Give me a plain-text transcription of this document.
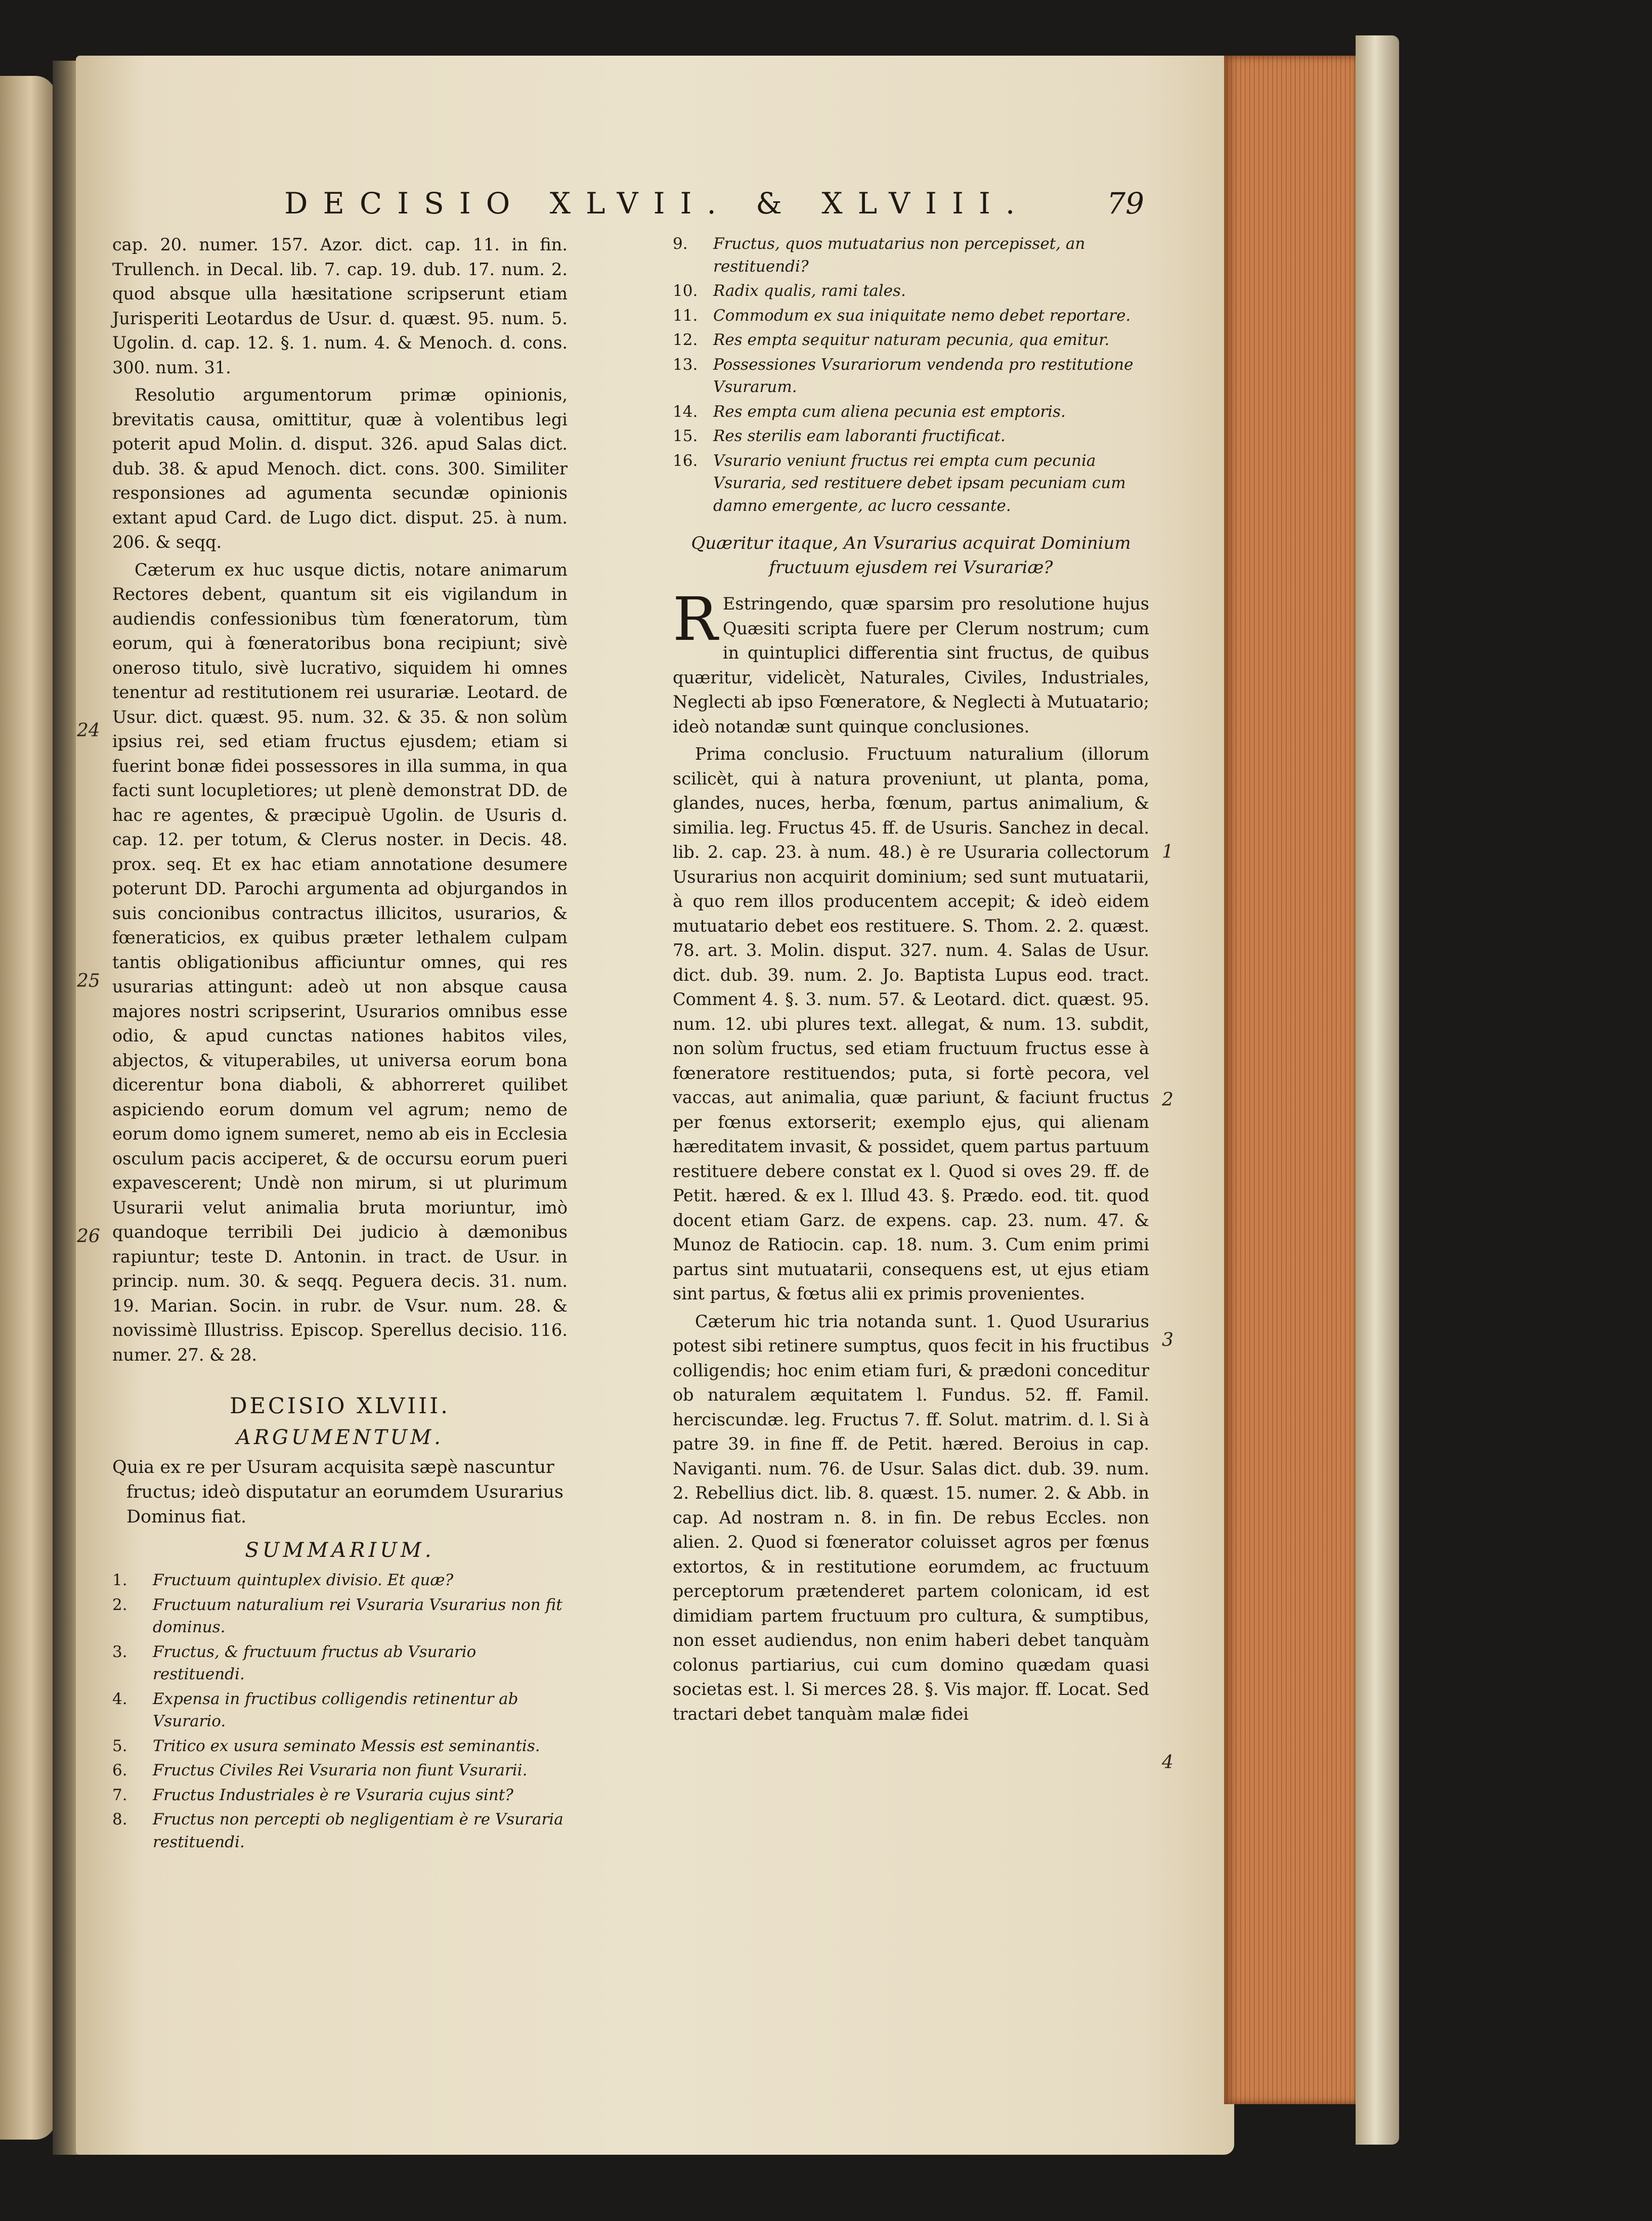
DECISIO XLVII. & XLVIII.	79

cap. 20. numer. 157. Azor. dict. cap. 11. in fin. Trullench. in Decal. lib. 7. cap. 19. dub. 17. num. 2. quod absque ulla hæsitatione scripserunt etiam Jurisperiti Leotardus de Usur. d. quæst. 95. num. 5. Ugolin. d. cap. 12. §. 1. num. 4. & Menoch. d. cons. 300. num. 31.

Resolutio argumentorum primæ opinionis, brevitatis causa, omittitur, quæ à volentibus legi poterit apud Molin. d. disput. 326. apud Salas dict. dub. 38. & apud Menoch. dict. cons. 300. Similiter responsiones ad agumenta secundæ opinionis extant apud Card. de Lugo dict. disput. 25. à num. 206. & seqq.

Cæterum ex huc usque dictis, notare animarum Rectores debent, quantum sit eis vigilandum in audiendis confessionibus tùm fœneratorum, tùm eorum, qui à fœneratoribus bona recipiunt; sivè oneroso titulo, sivè lucrativo, siquidem hi omnes tenentur ad restitutionem rei usurariæ. Leotard. de Usur. dict. quæst. 95. num. 32. & 35. & non solùm ipsius rei, sed etiam fructus ejusdem; etiam si fuerint bonæ fidei possessores in illa summa, in qua facti sunt locupletiores; ut plenè demonstrat DD. de hac re agentes, & præcipuè Ugolin. de Usuris d. cap. 12. per totum, & Clerus noster. in Decis. 48. prox. seq. Et ex hac etiam annotatione desumere poterunt DD. Parochi argumenta ad objurgandos in suis concionibus contractus illicitos, usurarios, & fœneraticios, ex quibus præter lethalem culpam tantis obligationibus afficiuntur omnes, qui res usurarias attingunt: adeò ut non absque causa majores nostri scripserint, Usurarios omnibus esse odio, & apud cunctas nationes habitos viles, abjectos, & vituperabiles, ut universa eorum bona dicerentur bona diaboli, & abhorreret quilibet aspiciendo eorum domum vel agrum; nemo de eorum domo ignem sumeret, nemo ab eis in Ecclesia osculum pacis acciperet, & de occursu eorum pueri expavescerent; Undè non mirum, si ut plurimum Usurarii velut animalia bruta moriuntur, imò quandoque terribili Dei judicio à dæmonibus rapiuntur; teste D. Antonin. in tract. de Usur. in princip. num. 30. & seqq. Peguera decis. 31. num. 19. Marian. Socin. in rubr. de Vsur. num. 28. & novissimè Illustriss. Episcop. Sperellus decisio. 116. numer. 27. & 28.

DECISIO XLVIII.
ARGUMENTUM.

Quia ex re per Usuram acquisita sæpè nascuntur fructus; ideò disputatur an eorumdem Usurarius Dominus fiat.

SUMMARIUM.
1.	Fructuum quintuplex divisio. Et quæ?
2.	Fructuum naturalium rei Vsuraria Vsurarius non fit dominus.
3.	Fructus, & fructuum fructus ab Vsurario restituendi.
4.	Expensa in fructibus colligendis retinentur ab Vsurario.
5.	Tritico ex usura seminato Messis est seminantis.
6.	Fructus Civiles Rei Vsuraria non fiunt Vsurarii.
7.	Fructus Industriales è re Vsuraria cujus sint?
8.	Fructus non percepti ob negligentiam è re Vsuraria restituendi.
9.	Fructus, quos mutuatarius non percepisset, an restituendi?
10. Radix qualis, rami tales.
11. Commodum ex sua iniquitate nemo debet reportare.
12. Res empta sequitur naturam pecunia, qua emitur.
13. Possessiones Vsurariorum vendenda pro restitutione Vsurarum.
14. Res empta cum aliena pecunia est emptoris.
15. Res sterilis eam laboranti fructificat.
16. Vsurario veniunt fructus rei empta cum pecunia Vsuraria, sed restituere debet ipsam pecuniam cum damno emergente, ac lucro cessante.

Quæritur itaque, An Vsurarius acquirat Dominium fructuum ejusdem rei Vsurariæ?

R Estringendo, quæ sparsim pro resolutione hujus Quæsiti scripta fuere per Clerum nostrum; cum in quintuplici differentia sint fructus, de quibus quæritur, videlicèt, Naturales, Civiles, Industriales, Neglecti ab ipso Fœneratore, & Neglecti à Mutuatario; ideò notandæ sunt quinque conclusiones.

Prima conclusio. Fructuum naturalium (illorum scilicèt, qui à natura proveniunt, ut planta, poma, glandes, nuces, herba, fœnum, partus animalium, & similia. leg. Fructus 45. ff. de Usuris. Sanchez in decal. lib. 2. cap. 23. à num. 48.) è re Usuraria collectorum Usurarius non acquirit dominium; sed sunt mutuatarii, à quo rem illos producentem accepit; & ideò eidem mutuatario debet eos restituere. S. Thom. 2. 2. quæst. 78. art. 3. Molin. disput. 327. num. 4. Salas de Usur. dict. dub. 39. num. 2. Jo. Baptista Lupus eod. tract. Comment 4. §. 3. num. 57. & Leotard. dict. quæst. 95. num. 12. ubi plures text. allegat, & num. 13. subdit, non solùm fructus, sed etiam fructuum fructus esse à fœneratore restituendos; puta, si fortè pecora, vel vaccas, aut animalia, quæ pariunt, & faciunt fructus per fœnus extorserit; exemplo ejus, qui alienam hæreditatem invasit, & possidet, quem partus partuum restituere debere constat ex l. Quod si oves 29. ff. de Petit. hæred. & ex l. Illud 43. §. Prædo. eod. tit. quod docent etiam Garz. de expens. cap. 23. num. 47. & Munoz de Ratiocin. cap. 18. num. 3. Cum enim primi partus sint mutuatarii, consequens est, ut ejus etiam sint partus, & fœtus alii ex primis provenientes.

Cæterum hic tria notanda sunt. 1. Quod Usurarius potest sibi retinere sumptus, quos fecit in his fructibus colligendis; hoc enim etiam furi, & prædoni conceditur ob naturalem æquitatem l. Fundus. 52. ff. Famil. herciscundæ. leg. Fructus 7. ff. Solut. matrim. d. l. Si à patre 39. in fine ff. de Petit. hæred. Beroius in cap. Naviganti. num. 76. de Usur. Salas dict. dub. 39. num. 2. Rebellius dict. lib. 8. quæst. 15. numer. 2. & Abb. in cap. Ad nostram n. 8. in fin. De rebus Eccles. non alien. 2. Quod si fœnerator coluisset agros per fœnus extortos, & in restitutione eorumdem, ac fructuum perceptorum prætenderet partem colonicam, id est dimidiam partem fructuum pro cultura, & sumptibus, non esset audiendus, non enim haberi debet tanquàm colonus partiarius, cui cum domino quædam quasi societas est. l. Si merces 28. §. Vis major. ff. Locat. Sed tractari debet tanquàm malæ fidei

24
25
26
1
2
3
4
